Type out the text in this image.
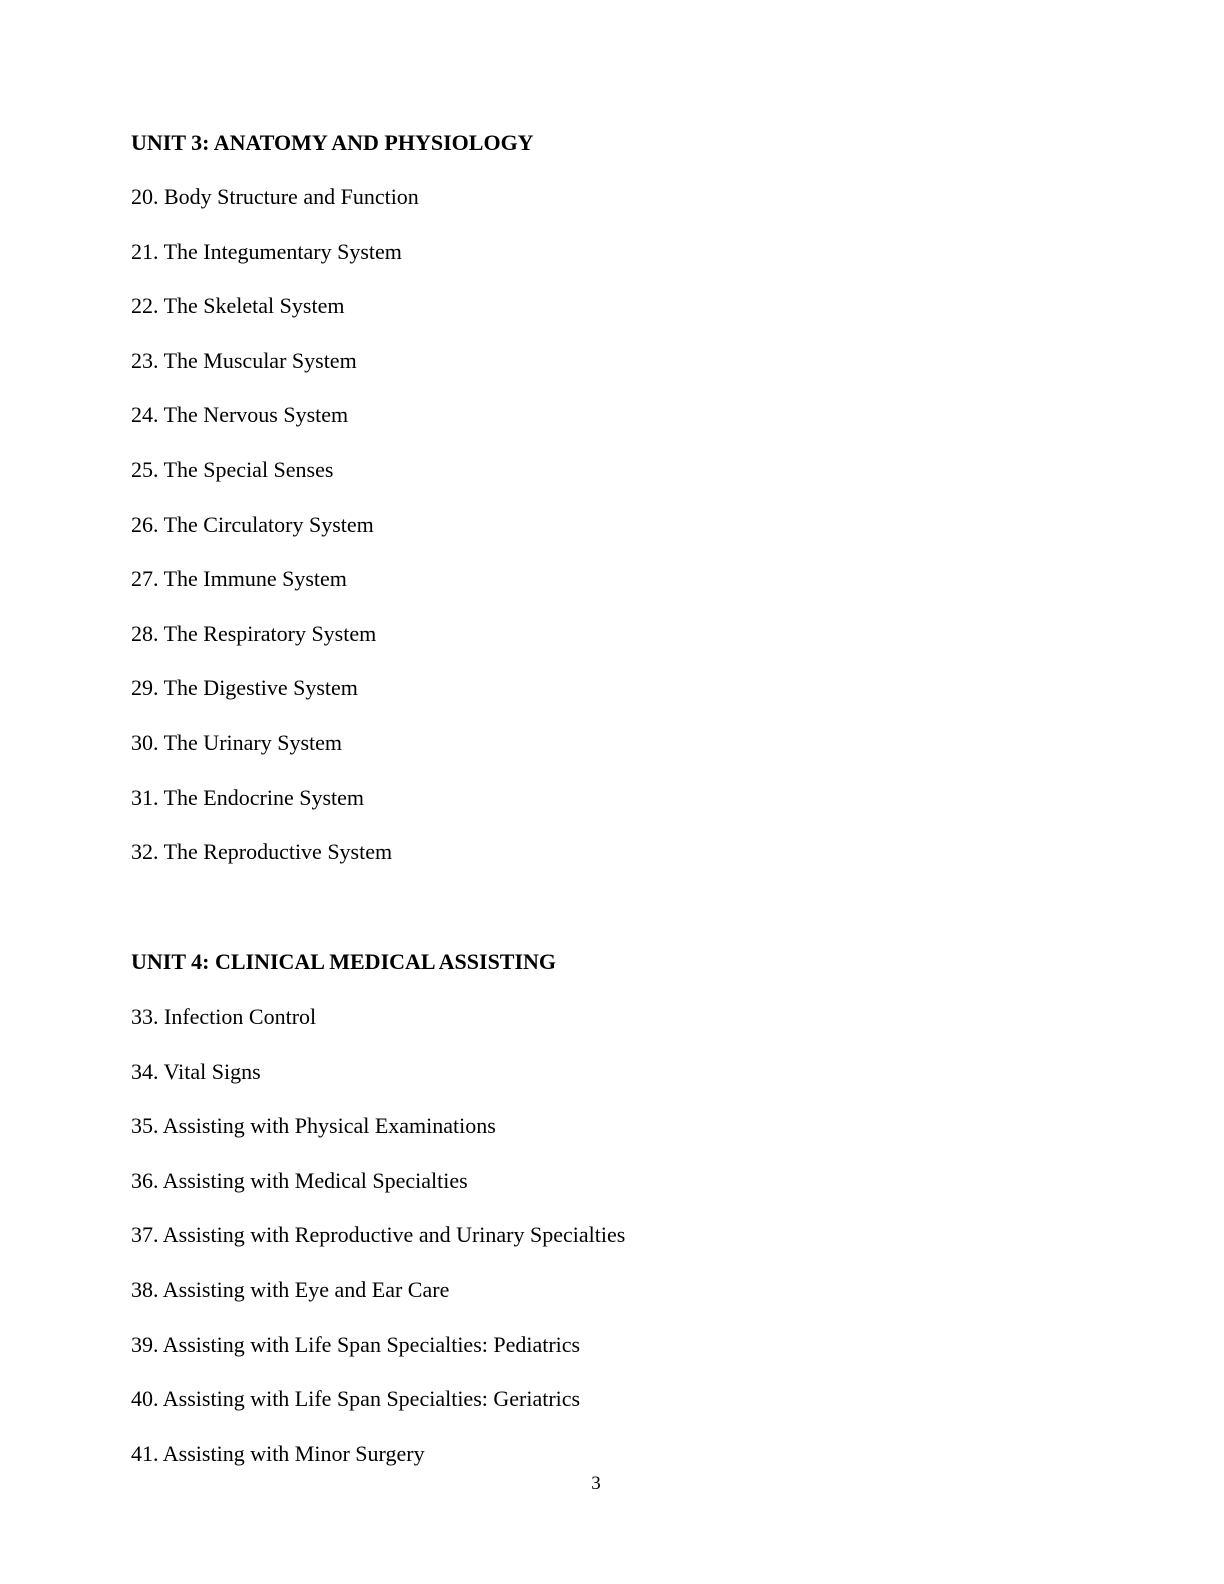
UNIT 3: ANATOMY AND PHYSIOLOGY
20. Body Structure and Function
21. The Integumentary System
22. The Skeletal System
23. The Muscular System
24. The Nervous System
25. The Special Senses
26. The Circulatory System
27. The Immune System
28. The Respiratory System
29. The Digestive System
30. The Urinary System
31. The Endocrine System
32. The Reproductive System
UNIT 4: CLINICAL MEDICAL ASSISTING
33. Infection Control
34. Vital Signs
35. Assisting with Physical Examinations
36. Assisting with Medical Specialties
37. Assisting with Reproductive and Urinary Specialties
38. Assisting with Eye and Ear Care
39. Assisting with Life Span Specialties: Pediatrics
40. Assisting with Life Span Specialties: Geriatrics
41. Assisting with Minor Surgery
3
